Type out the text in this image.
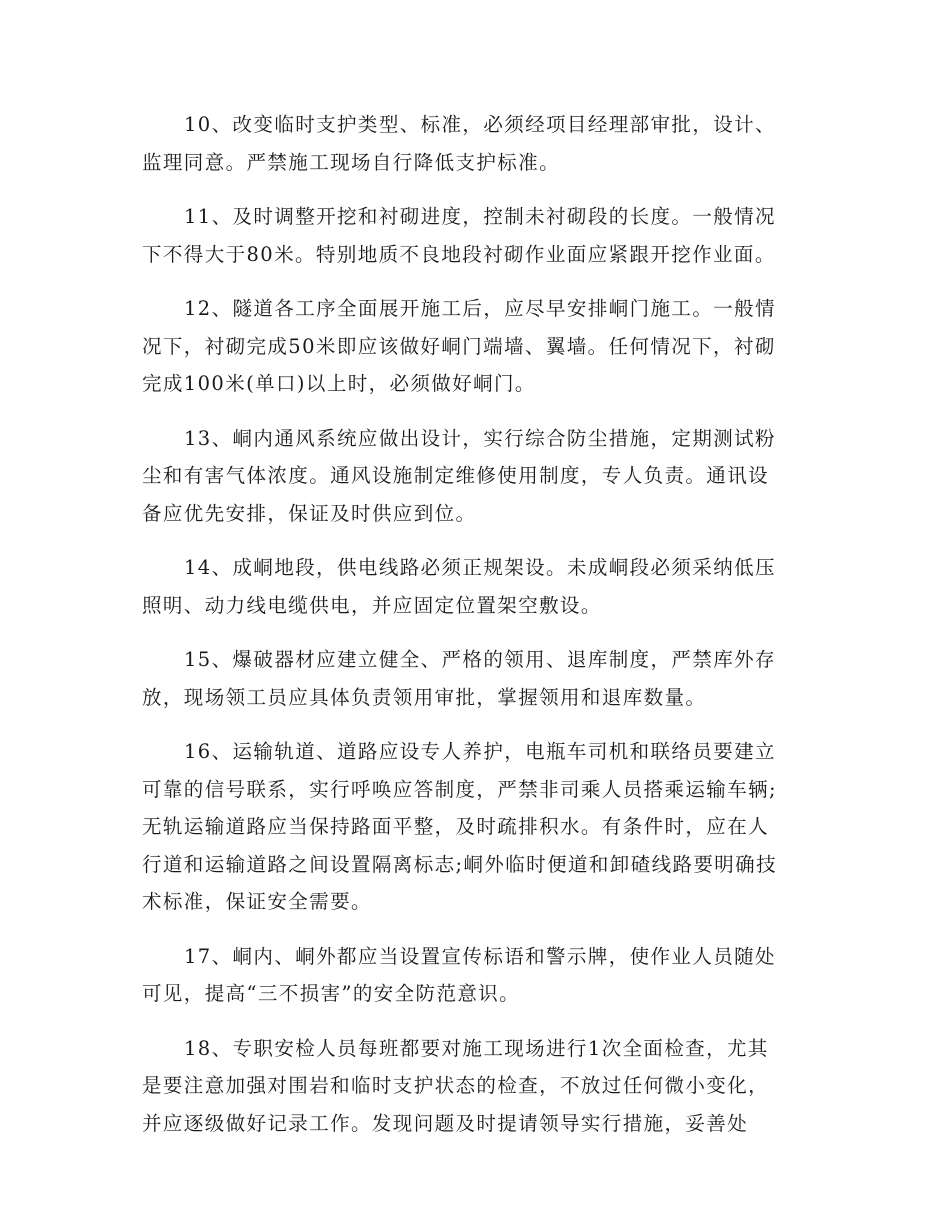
10、改变临时支护类型、标准，必须经项目经理部审批，设计、
监理同意。严禁施工现场自行降低支护标准。
11、及时调整开挖和衬砌进度，控制未衬砌段的长度。一般情况
下不得大于80米。特别地质不良地段衬砌作业面应紧跟开挖作业面。
12、隧道各工序全面展开施工后，应尽早安排峒门施工。一般情
况下，衬砌完成50米即应该做好峒门端墙、翼墙。任何情况下，衬砌
完成100米(单口)以上时，必须做好峒门。
13、峒内通风系统应做出设计，实行综合防尘措施，定期测试粉
尘和有害气体浓度。通风设施制定维修使用制度，专人负责。通讯设
备应优先安排，保证及时供应到位。
14、成峒地段，供电线路必须正规架设。未成峒段必须采纳低压
照明、动力线电缆供电，并应固定位置架空敷设。
15、爆破器材应建立健全、严格的领用、退库制度，严禁库外存
放，现场领工员应具体负责领用审批，掌握领用和退库数量。
16、运输轨道、道路应设专人养护，电瓶车司机和联络员要建立
可靠的信号联系，实行呼唤应答制度，严禁非司乘人员搭乘运输车辆;
无轨运输道路应当保持路面平整，及时疏排积水。有条件时，应在人
行道和运输道路之间设置隔离标志;峒外临时便道和卸碴线路要明确技
术标准，保证安全需要。
17、峒内、峒外都应当设置宣传标语和警示牌，使作业人员随处
可见，提高“三不损害”的安全防范意识。
18、专职安检人员每班都要对施工现场进行1次全面检查，尤其
是要注意加强对围岩和临时支护状态的检查，不放过任何微小变化，
并应逐级做好记录工作。发现问题及时提请领导实行措施，妥善处
